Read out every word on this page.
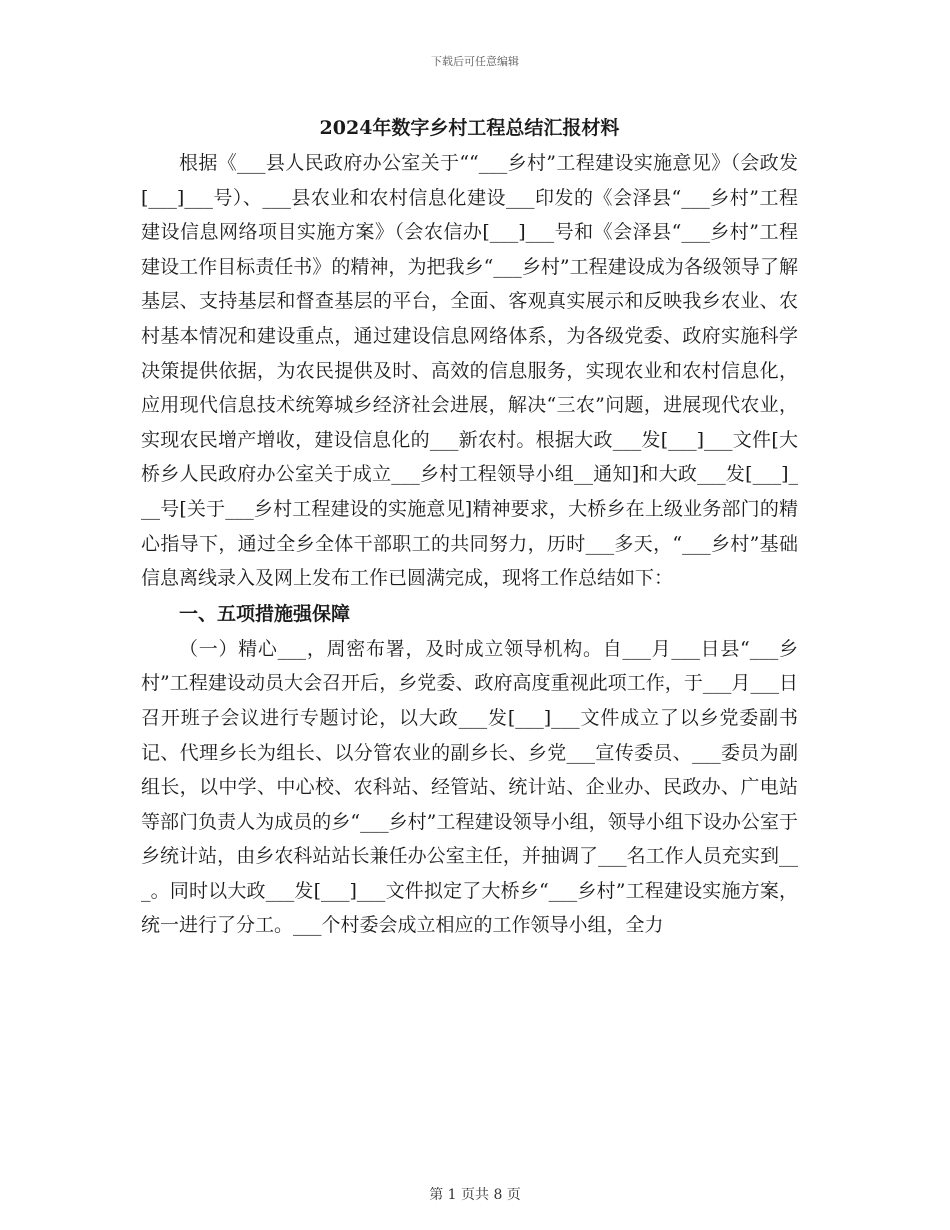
下载后可任意编辑
2024年数字乡村工程总结汇报材料

根据《___县人民政府办公室关于““___乡村”工程建设实施意见》（会政发[___]___号）、___县农业和农村信息化建设___印发的《会泽县“___乡村”工程建设信息网络项目实施方案》（会农信办[___]___号和《会泽县“___乡村”工程建设工作目标责任书》的精神，为把我乡“___乡村”工程建设成为各级领导了解基层、支持基层和督查基层的平台，全面、客观真实展示和反映我乡农业、农村基本情况和建设重点，通过建设信息网络体系，为各级党委、政府实施科学决策提供依据，为农民提供及时、高效的信息服务，实现农业和农村信息化，应用现代信息技术统筹城乡经济社会进展，解决“三农”问题，进展现代农业，实现农民增产增收，建设信息化的___新农村。根据大政___发[___]___文件[大桥乡人民政府办公室关于成立___乡村工程领导小组__通知]和大政___发[___]___号[关于___乡村工程建设的实施意见]精神要求，大桥乡在上级业务部门的精心指导下，通过全乡全体干部职工的共同努力，历时___多天，“___乡村”基础信息离线录入及网上发布工作已圆满完成，现将工作总结如下：

一、五项措施强保障

（一）精心___，周密布署，及时成立领导机构。自___月___日县“___乡村”工程建设动员大会召开后，乡党委、政府高度重视此项工作，于___月___日召开班子会议进行专题讨论，以大政___发[___]___文件成立了以乡党委副书记、代理乡长为组长、以分管农业的副乡长、乡党___宣传委员、___委员为副组长，以中学、中心校、农科站、经管站、统计站、企业办、民政办、广电站等部门负责人为成员的乡“___乡村”工程建设领导小组，领导小组下设办公室于乡统计站，由乡农科站站长兼任办公室主任，并抽调了___名工作人员充实到___。同时以大政___发[___]___文件拟定了大桥乡“___乡村”工程建设实施方案，统一进行了分工。___个村委会成立相应的工作领导小组，全力

第 1 页共 8 页
